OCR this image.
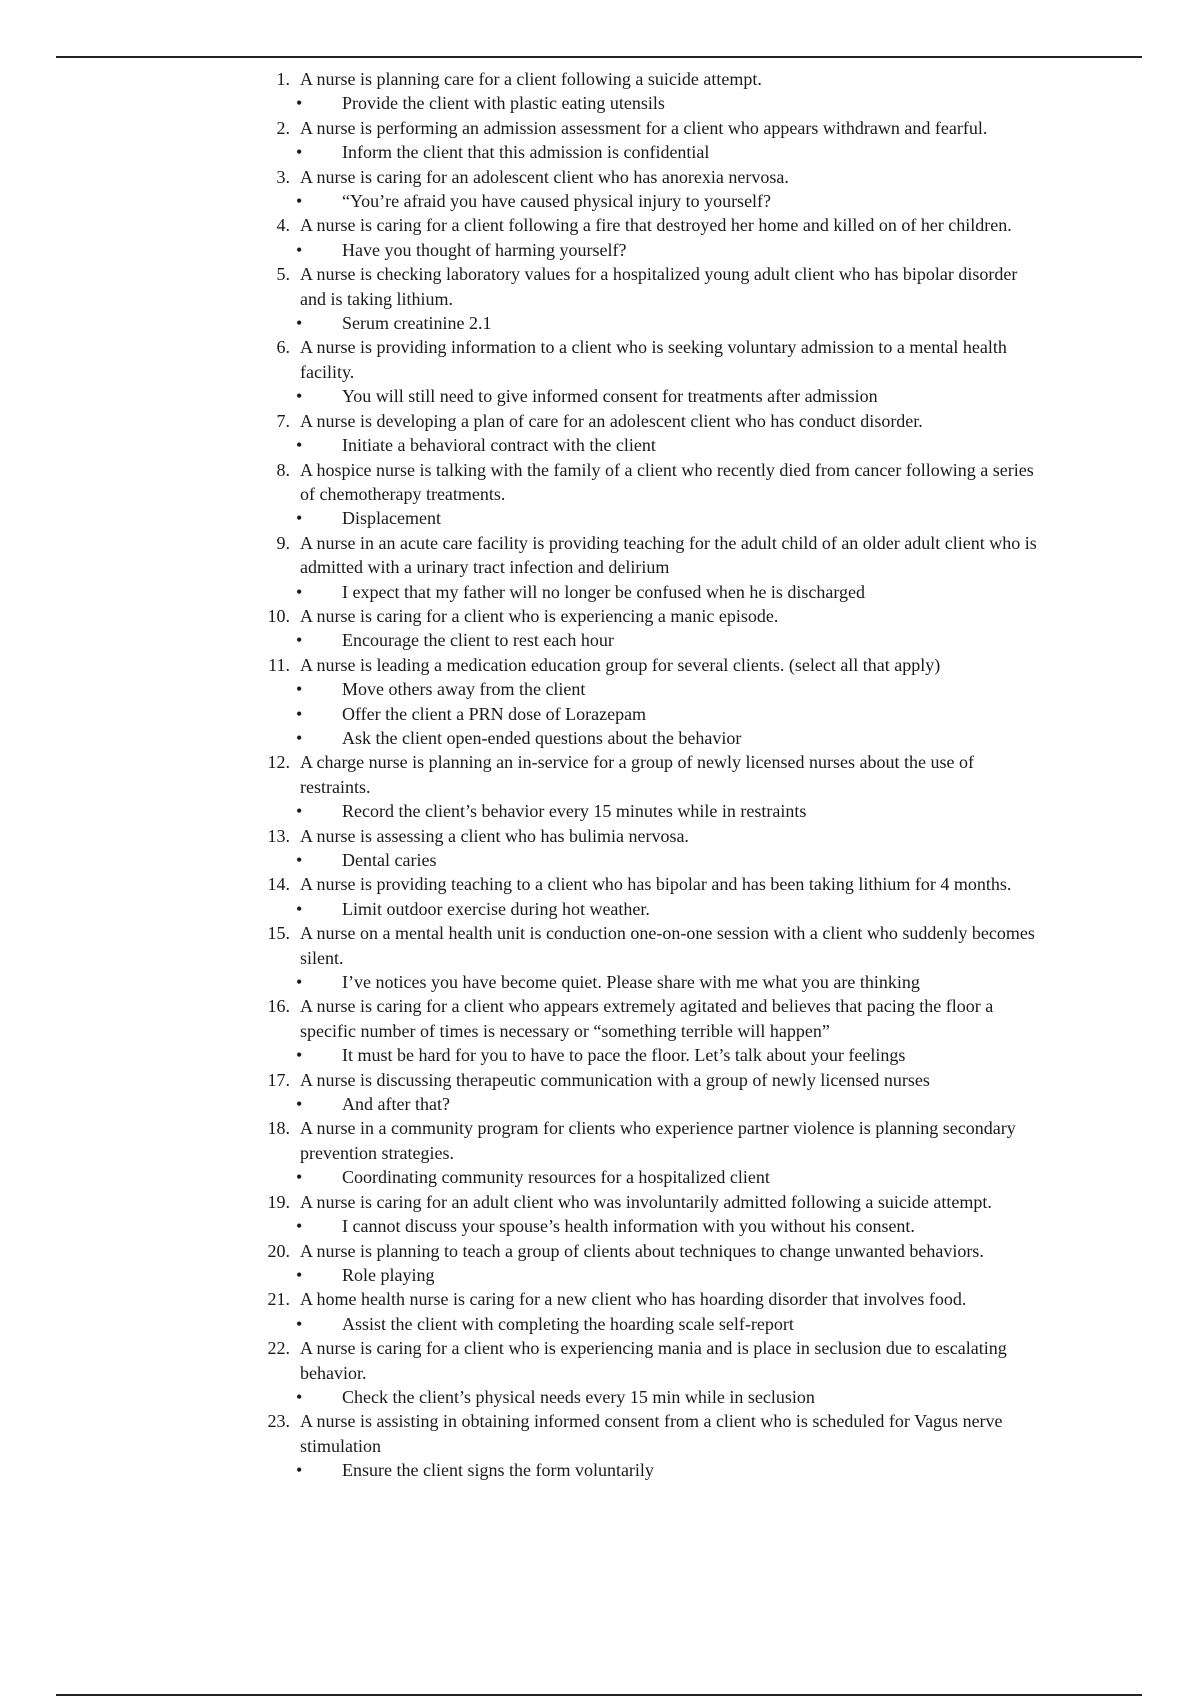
1. A nurse is planning care for a client following a suicide attempt.
• Provide the client with plastic eating utensils
2. A nurse is performing an admission assessment for a client who appears withdrawn and fearful.
• Inform the client that this admission is confidential
3. A nurse is caring for an adolescent client who has anorexia nervosa.
• “You’re afraid you have caused physical injury to yourself?
4. A nurse is caring for a client following a fire that destroyed her home and killed on of her children.
• Have you thought of harming yourself?
5. A nurse is checking laboratory values for a hospitalized young adult client who has bipolar disorder and is taking lithium.
• Serum creatinine 2.1
6. A nurse is providing information to a client who is seeking voluntary admission to a mental health facility.
• You will still need to give informed consent for treatments after admission
7. A nurse is developing a plan of care for an adolescent client who has conduct disorder.
• Initiate a behavioral contract with the client
8. A hospice nurse is talking with the family of a client who recently died from cancer following a series of chemotherapy treatments.
• Displacement
9. A nurse in an acute care facility is providing teaching for the adult child of an older adult client who is admitted with a urinary tract infection and delirium
• I expect that my father will no longer be confused when he is discharged
10. A nurse is caring for a client who is experiencing a manic episode.
• Encourage the client to rest each hour
11. A nurse is leading a medication education group for several clients. (select all that apply)
• Move others away from the client
• Offer the client a PRN dose of Lorazepam
• Ask the client open-ended questions about the behavior
12. A charge nurse is planning an in-service for a group of newly licensed nurses about the use of restraints.
• Record the client’s behavior every 15 minutes while in restraints
13. A nurse is assessing a client who has bulimia nervosa.
• Dental caries
14. A nurse is providing teaching to a client who has bipolar and has been taking lithium for 4 months.
• Limit outdoor exercise during hot weather.
15. A nurse on a mental health unit is conduction one-on-one session with a client who suddenly becomes silent.
• I’ve notices you have become quiet. Please share with me what you are thinking
16. A nurse is caring for a client who appears extremely agitated and believes that pacing the floor a specific number of times is necessary or “something terrible will happen”
• It must be hard for you to have to pace the floor. Let’s talk about your feelings
17. A nurse is discussing therapeutic communication with a group of newly licensed nurses
• And after that?
18. A nurse in a community program for clients who experience partner violence is planning secondary prevention strategies.
• Coordinating community resources for a hospitalized client
19. A nurse is caring for an adult client who was involuntarily admitted following a suicide attempt.
• I cannot discuss your spouse’s health information with you without his consent.
20. A nurse is planning to teach a group of clients about techniques to change unwanted behaviors.
• Role playing
21. A home health nurse is caring for a new client who has hoarding disorder that involves food.
• Assist the client with completing the hoarding scale self-report
22. A nurse is caring for a client who is experiencing mania and is place in seclusion due to escalating behavior.
• Check the client’s physical needs every 15 min while in seclusion
23. A nurse is assisting in obtaining informed consent from a client who is scheduled for Vagus nerve stimulation
• Ensure the client signs the form voluntarily
